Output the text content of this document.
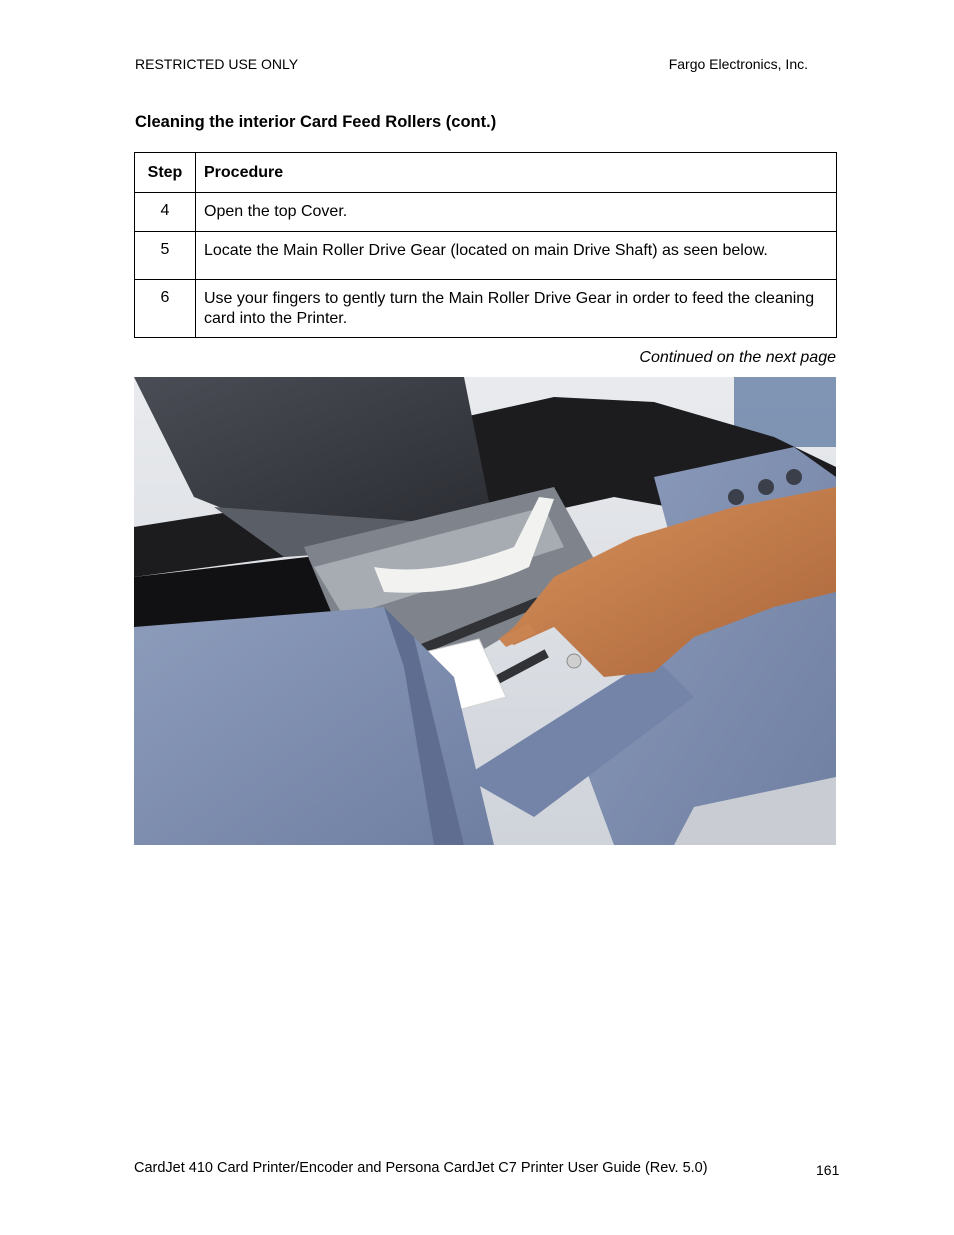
RESTRICTED USE ONLY	Fargo Electronics, Inc.
Cleaning the interior Card Feed Rollers (cont.)
Step	Procedure
4	Open the top Cover.
5	Locate the Main Roller Drive Gear (located on main Drive Shaft) as seen below.
6	Use your fingers to gently turn the Main Roller Drive Gear in order to feed the cleaning card into the Printer.
Continued on the next page
CardJet 410 Card Printer/Encoder and Persona CardJet C7 Printer User Guide (Rev. 5.0)	161
